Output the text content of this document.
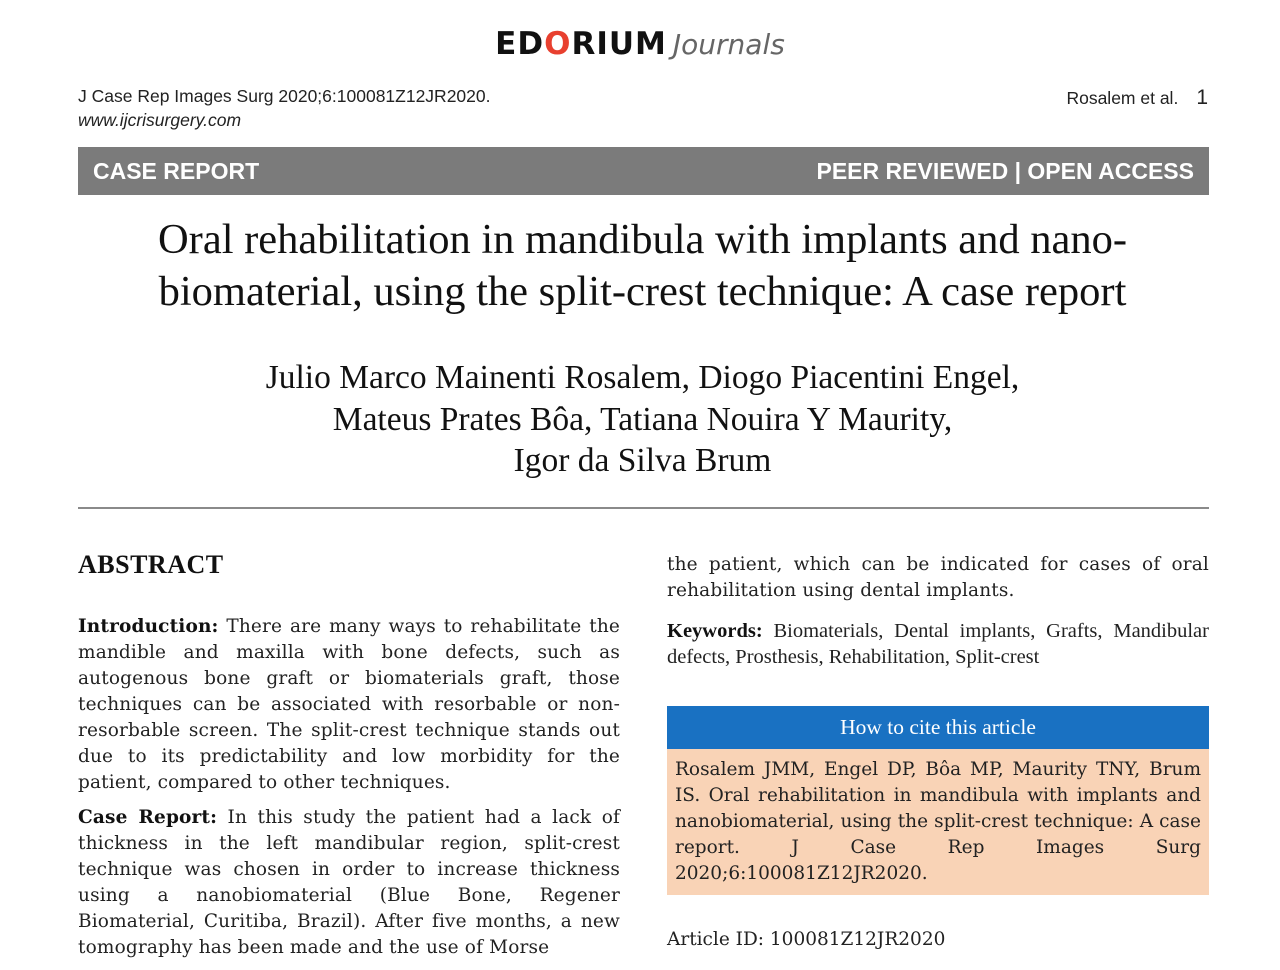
EDORIUM Journals
J Case Rep Images Surg 2020;6:100081Z12JR2020.
www.ijcrisurgery.com
Rosalem et al. 1
CASE REPORT	PEER REVIEWED | OPEN ACCESS
Oral rehabilitation in mandibula with implants and nano-
biomaterial, using the split-crest technique: A case report
Julio Marco Mainenti Rosalem, Diogo Piacentini Engel,
Mateus Prates Bôa, Tatiana Nouira Y Maurity,
Igor da Silva Brum
ABSTRACT

Introduction: There are many ways to rehabilitate the mandible and maxilla with bone defects, such as autogenous bone graft or biomaterials graft, those techniques can be associated with resorbable or non-resorbable screen. The split-crest technique stands out due to its predictability and low morbidity for the patient, compared to other techniques.

Case Report: In this study the patient had a lack of thickness in the left mandibular region, split-crest technique was chosen in order to increase thickness using a nanobiomaterial (Blue Bone, Regener Biomaterial, Curitiba, Brazil). After five months, a new tomography has been made and the use of Morse

the patient, which can be indicated for cases of oral rehabilitation using dental implants.

Keywords: Biomaterials, Dental implants, Grafts, Mandibular defects, Prosthesis, Rehabilitation, Split-crest
How to cite this article
Rosalem JMM, Engel DP, Bôa MP, Maurity TNY, Brum IS. Oral rehabilitation in mandibula with implants and nanobiomaterial, using the split-crest technique: A case report. J Case Rep Images Surg 2020;6:100081Z12JR2020.
Article ID: 100081Z12JR2020
